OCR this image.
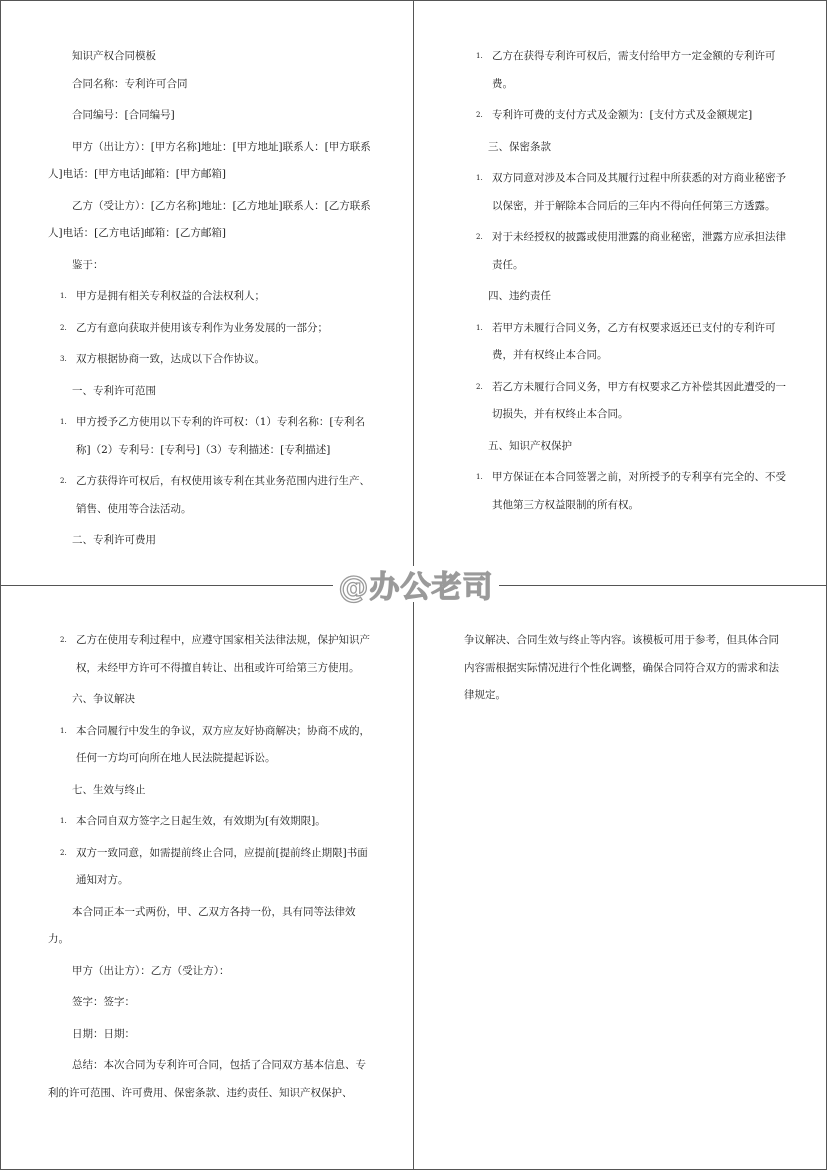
知识产权合同模板

合同名称：专利许可合同

合同编号：[合同编号]

甲方（出让方）：[甲方名称]地址：[甲方地址]联系人：[甲方联系人]电话：[甲方电话]邮箱：[甲方邮箱]

乙方（受让方）：[乙方名称]地址：[乙方地址]联系人：[乙方联系人]电话：[乙方电话]邮箱：[乙方邮箱]

鉴于：

1. 甲方是拥有相关专利权益的合法权利人；
2. 乙方有意向获取并使用该专利作为业务发展的一部分；
3. 双方根据协商一致，达成以下合作协议。

一、专利许可范围

1. 甲方授予乙方使用以下专利的许可权：（1）专利名称：[专利名称]（2）专利号：[专利号]（3）专利描述：[专利描述]
2. 乙方获得许可权后，有权使用该专利在其业务范围内进行生产、销售、使用等合法活动。

二、专利许可费用

1. 乙方在获得专利许可权后，需支付给甲方一定金额的专利许可费。
2. 专利许可费的支付方式及金额为：[支付方式及金额规定]

三、保密条款

1. 双方同意对涉及本合同及其履行过程中所获悉的对方商业秘密予以保密，并于解除本合同后的三年内不得向任何第三方透露。
2. 对于未经授权的披露或使用泄露的商业秘密，泄露方应承担法律责任。

四、违约责任

1. 若甲方未履行合同义务，乙方有权要求返还已支付的专利许可费，并有权终止本合同。
2. 若乙方未履行合同义务，甲方有权要求乙方补偿其因此遭受的一切损失，并有权终止本合同。

五、知识产权保护

1. 甲方保证在本合同签署之前，对所授予的专利享有完全的、不受其他第三方权益限制的所有权。
2. 乙方在使用专利过程中，应遵守国家相关法律法规，保护知识产权，未经甲方许可不得擅自转让、出租或许可给第三方使用。

六、争议解决

1. 本合同履行中发生的争议，双方应友好协商解决；协商不成的，任何一方均可向所在地人民法院提起诉讼。

七、生效与终止

1. 本合同自双方签字之日起生效，有效期为[有效期限]。
2. 双方一致同意，如需提前终止合同，应提前[提前终止期限]书面通知对方。

本合同正本一式两份，甲、乙双方各持一份，具有同等法律效力。

甲方（出让方）：乙方（受让方）：

签字：签字：

日期：日期：

总结：本次合同为专利许可合同，包括了合同双方基本信息、专利的许可范围、许可费用、保密条款、违约责任、知识产权保护、

争议解决、合同生效与终止等内容。该模板可用于参考，但具体合同内容需根据实际情况进行个性化调整，确保合同符合双方的需求和法律规定。

@办公老司
